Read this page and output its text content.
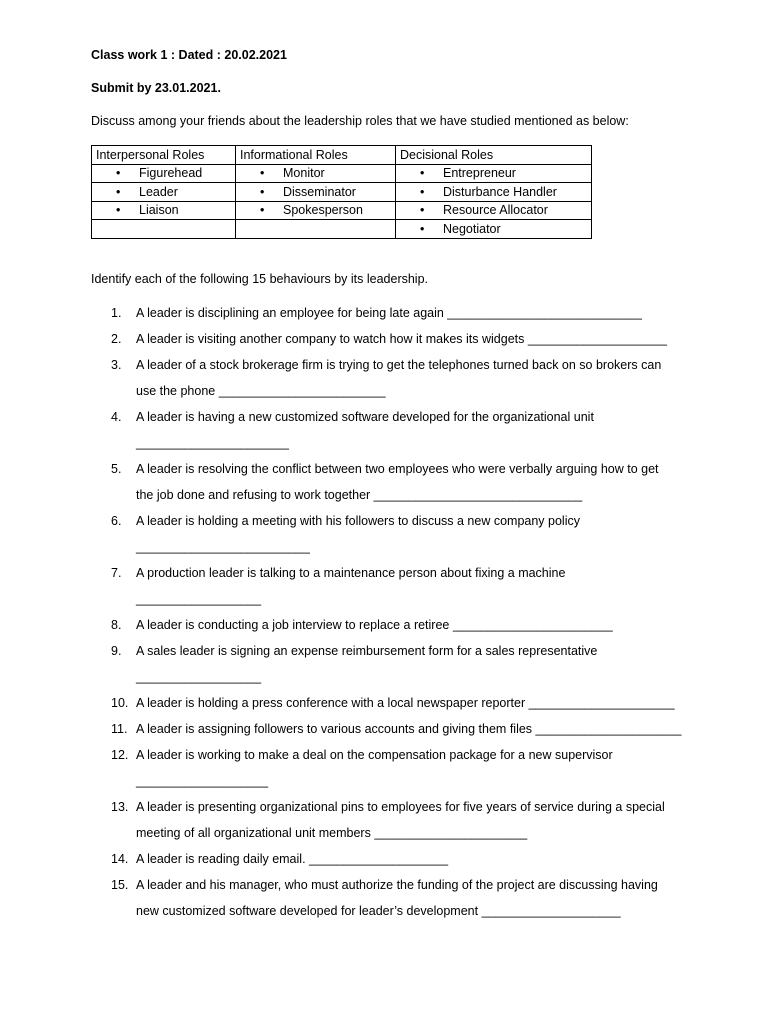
Class work 1 : Dated : 20.02.2021
Submit by 23.01.2021.
Discuss among your friends about the leadership roles that we have studied mentioned as below:
Interpersonal Roles	Informational Roles	Decisional Roles
• Figurehead	• Monitor	• Entrepreneur
• Leader	• Disseminator	• Disturbance Handler
• Liaison	• Spokesperson	• Resource Allocator
		• Negotiator
Identify each of the following 15 behaviours by its leadership.
1.	A leader is disciplining an employee for being late again ____________________________
2.	A leader is visiting another company to watch how it makes its widgets ____________________
3.	A leader of a stock brokerage firm is trying to get the telephones turned back on so brokers can
use the phone ________________________
4.	A leader is having a new customized software developed for the organizational unit
______________________
5.	A leader is resolving the conflict between two employees who were verbally arguing how to get
the job done and refusing to work together ______________________________
6.	A leader is holding a meeting with his followers to discuss a new company policy
_________________________
7.	A production leader is talking to a maintenance person about fixing a machine
__________________
8.	A leader is conducting a job interview to replace a retiree _______________________
9.	A sales leader is signing an expense reimbursement form for a sales representative
__________________
10. A leader is holding a press conference with a local newspaper reporter _____________________
11. A leader is assigning followers to various accounts and giving them files _____________________
12. A leader is working to make a deal on the compensation package for a new supervisor
___________________
13. A leader is presenting organizational pins to employees for five years of service during a special
meeting of all organizational unit members ______________________
14. A leader is reading daily email. ____________________
15. A leader and his manager, who must authorize the funding of the project are discussing having
new customized software developed for leader’s development ____________________
